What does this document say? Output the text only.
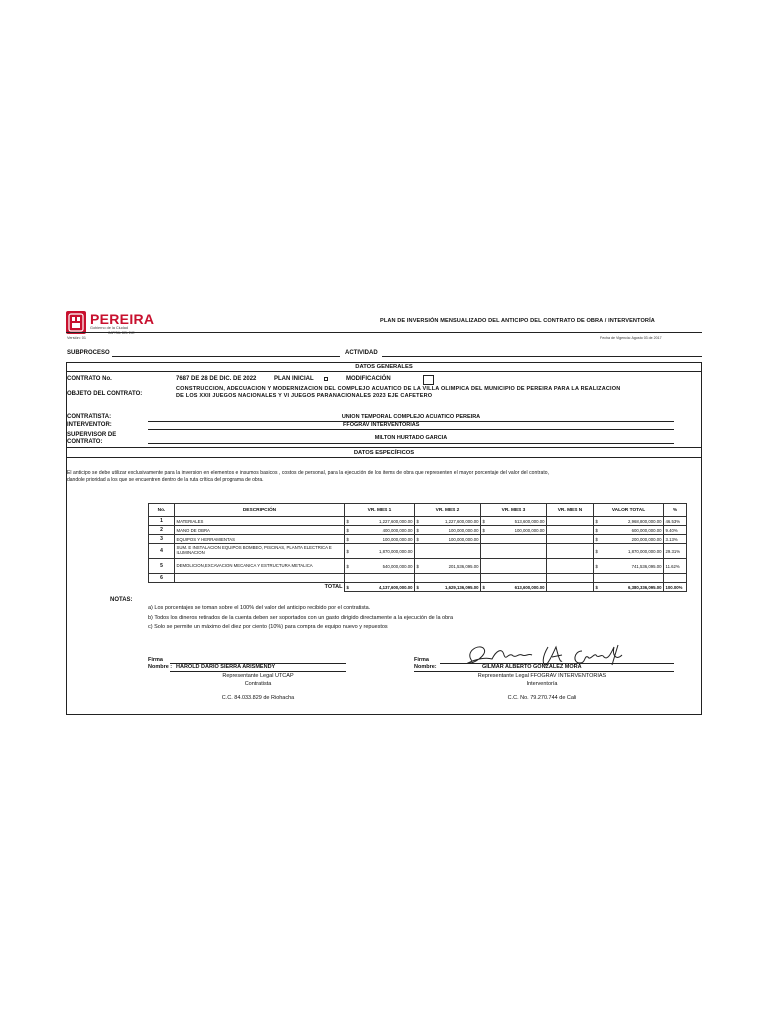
PEREIRA
Gobierno de la Ciudad
CAPITAL DEL EJE
PLAN DE INVERSIÓN MENSUALIZADO DEL ANTICIPO DEL CONTRATO DE OBRA / INTERVENTORÍA
Versión: 01	Fecha de Vigencia: Agosto 03 de 2017
SUBPROCESO	ACTIVIDAD
DATOS GENERALES
CONTRATO No.	7687 DE 28 DE DIC. DE 2022	PLAN INICIAL	MODIFICACIÓN
OBJETO DEL CONTRATO:
CONSTRUCCION, ADECUACION Y MODERNIZACION DEL COMPLEJO ACUATICO DE LA VILLA OLIMPICA DEL MUNICIPIO DE PEREIRA PARA LA REALIZACION
DE LOS XXII JUEGOS NACIONALES Y VI JUEGOS PARANACIONALES 2023 EJE CAFETERO
CONTRATISTA:	UNION TEMPORAL COMPLEJO ACUATICO PEREIRA
INTERVENTOR:	FFOGRAV INTERVENTORIAS
SUPERVISOR DE
CONTRATO:
MILTON HURTADO GARCIA
DATOS ESPECÍFICOS
El anticipo se debe utilizar exclusivamente para la inversion en elementos e insumos basicos , costos de personal, para la ejecución de los items de obra que representen el mayor porcentaje del valor del contrato,
dandole prioridad a los que se encuentren dentro de la ruta crítica del programa de obra.
No.	DESCRIPCIÓN	VR. MES 1	VR. MES 2	VR. MES 3	VR. MES N	VALOR TOTAL	%
1	MATERIALES	$ 1,227,600,000.00	$ 1,227,600,000.00	$ 513,600,000.00		$ 2,968,800,000.00	46.53%
2	MANO DE OBRA	$ 400,000,000.00	$ 100,000,000.00	$ 100,000,000.00		$ 600,000,000.00	9.40%
3	EQUIPOS Y HERRAMIENTAS	$ 100,000,000.00	$ 100,000,000.00			$ 200,000,000.00	3.13%
4	SUM. E INSTALACION EQUIPOS BOMBEO, PISCINAS, PLANTA ELECTRICA E ILUMINACION	$ 1,870,000,000.00				$ 1,870,000,000.00	29.31%
5	DEMOLICION,EXCAVACION MECANICA Y ESTRUCTURA METALICA	$ 540,000,000.00	$ 201,536,095.00			$ 741,536,095.00	11.62%
6							
	TOTAL	$ 4,137,600,000.00	$ 1,629,136,095.00	$ 613,600,000.00		$ 6,380,336,095.00	100.00%
NOTAS:
a) Los porcentajes se toman sobre el 100% del valor del anticipo recibido por el contratista.
b) Todos los dineros retirados de la cuenta deben ser soportados con un gasto dirigido directamente a la ejecución de la obra
c) Solo se permite un máximo del diez por ciento (10%) para compra de equipo nuevo y repuestos
Firma
Nombre : HAROLD DARIO SIERRA ARISMENDY
Representante Legal UTCAP
Contratista
C.C. 84.033.829 de Riohacha
Firma
Nombre:	GILMAR ALBERTO GONZALEZ MORA
Representante Legal FFOGRAV INTERVENTORIAS
Interventoría
C.C. No. 79.270.744 de Cali
